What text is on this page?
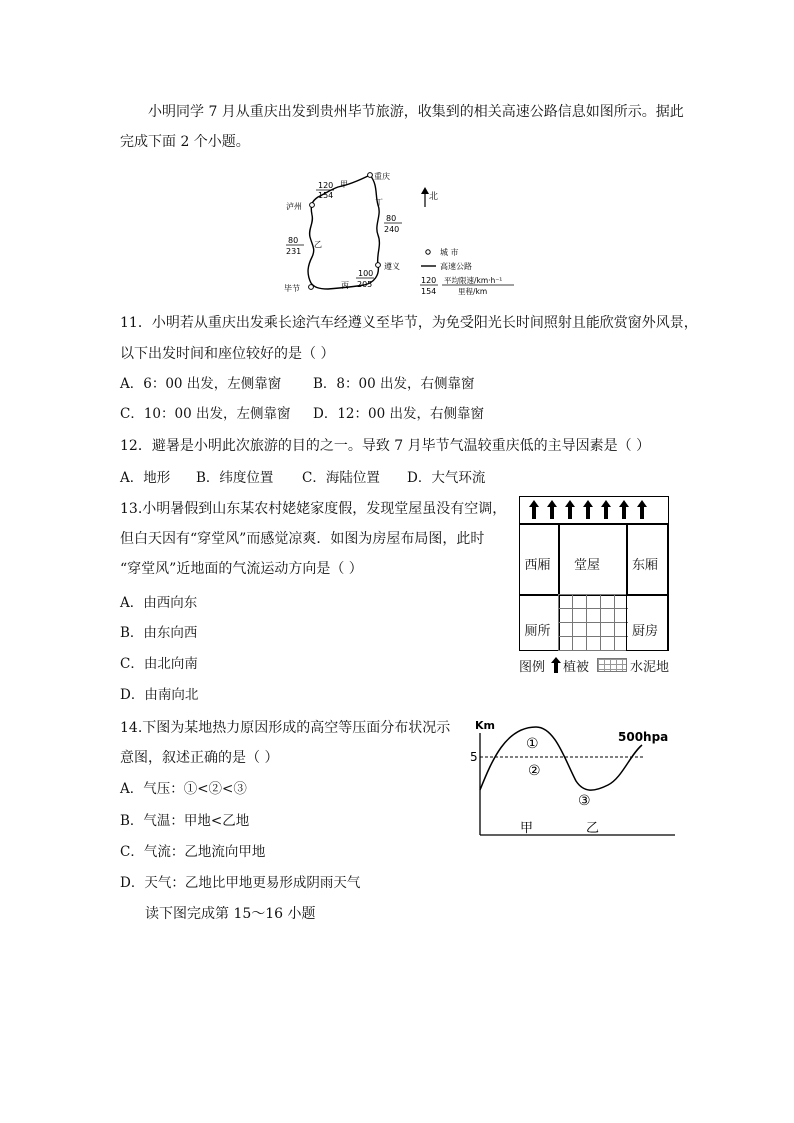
小明同学 7 月从重庆出发到贵州毕节旅游，收集到的相关高速公路信息如图所示。据此
完成下面 2 个小题。
重庆
泸州
遵义
毕节
甲
乙
丙
丁
120
154
80
240
80
231
100
205
北
城 市
高速公路
120
154
平均限速/km·h⁻¹
里程/km
11．小明若从重庆出发乘长途汽车经遵义至毕节，为免受阳光长时间照射且能欣赏窗外风景，
以下出发时间和座位较好的是（ ）
A．6：00 出发，左侧靠窗 B．8：00 出发，右侧靠窗
C．10：00 出发，左侧靠窗 D．12：00 出发，右侧靠窗
12．避暑是小明此次旅游的目的之一。导致 7 月毕节气温较重庆低的主导因素是（ ）
A．地形 B．纬度位置 C．海陆位置 D．大气环流
13.小明暑假到山东某农村姥姥家度假，发现堂屋虽没有空调，
但白天因有“穿堂风”而感觉凉爽．如图为房屋布局图，此时
“穿堂风”近地面的气流运动方向是（ ）
A．由西向东
B．由东向西
C．由北向南
D．由南向北
西厢 堂屋 东厢
厕所	厨房
图例 植被	水泥地
14.下图为某地热力原因形成的高空等压面分布状况示
意图，叙述正确的是（ ）
A．气压：①<②<③
B．气温：甲地<乙地
C．气流：乙地流向甲地
D．天气：乙地比甲地更易形成阴雨天气
Km
5
500hpa
①
②
③
甲	乙
读下图完成第 15～16 小题
